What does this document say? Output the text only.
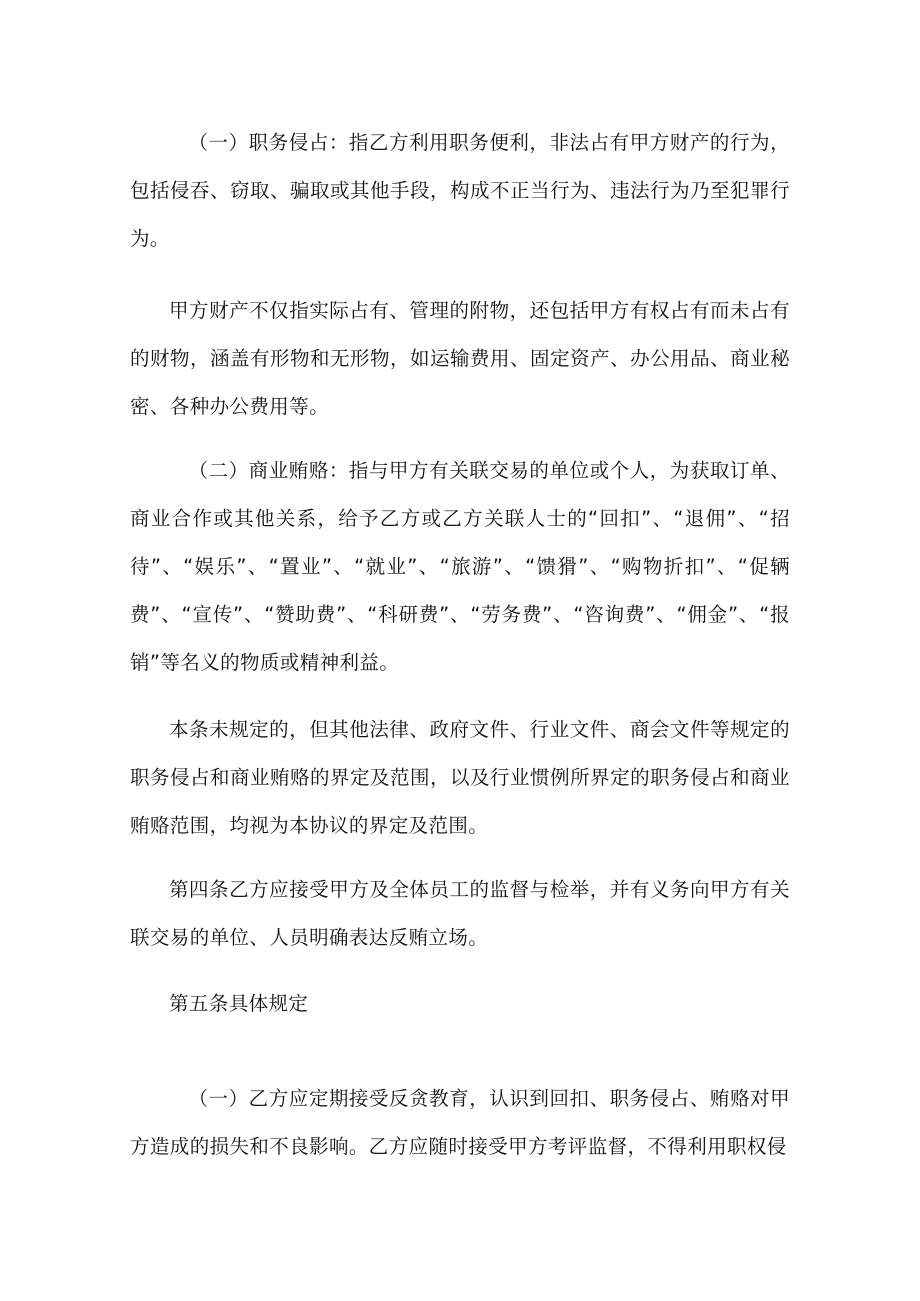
（一）职务侵占：指乙方利用职务便利，非法占有甲方财产的行为，包括侵吞、窃取、骗取或其他手段，构成不正当行为、违法行为乃至犯罪行为。

甲方财产不仅指实际占有、管理的附物，还包括甲方有权占有而未占有的财物，涵盖有形物和无形物，如运输费用、固定资产、办公用品、商业秘密、各种办公费用等。

（二）商业贿赂：指与甲方有关联交易的单位或个人，为获取订单、商业合作或其他关系，给予乙方或乙方关联人士的“回扣”、“退佣”、“招待”、“娱乐”、“置业”、“就业”、“旅游”、“馈猾”、“购物折扣”、“促辆费”、“宣传”、“赞助费”、“科研费”、“劳务费”、“咨询费”、“佣金”、“报销”等名义的物质或精神利益。

本条未规定的，但其他法律、政府文件、行业文件、商会文件等规定的职务侵占和商业贿赂的界定及范围，以及行业惯例所界定的职务侵占和商业贿赂范围，均视为本协议的界定及范围。

第四条乙方应接受甲方及全体员工的监督与检举，并有义务向甲方有关联交易的单位、人员明确表达反贿立场。

第五条具体规定

（一）乙方应定期接受反贪教育，认识到回扣、职务侵占、贿赂对甲方造成的损失和不良影响。乙方应随时接受甲方考评监督，不得利用职权侵
